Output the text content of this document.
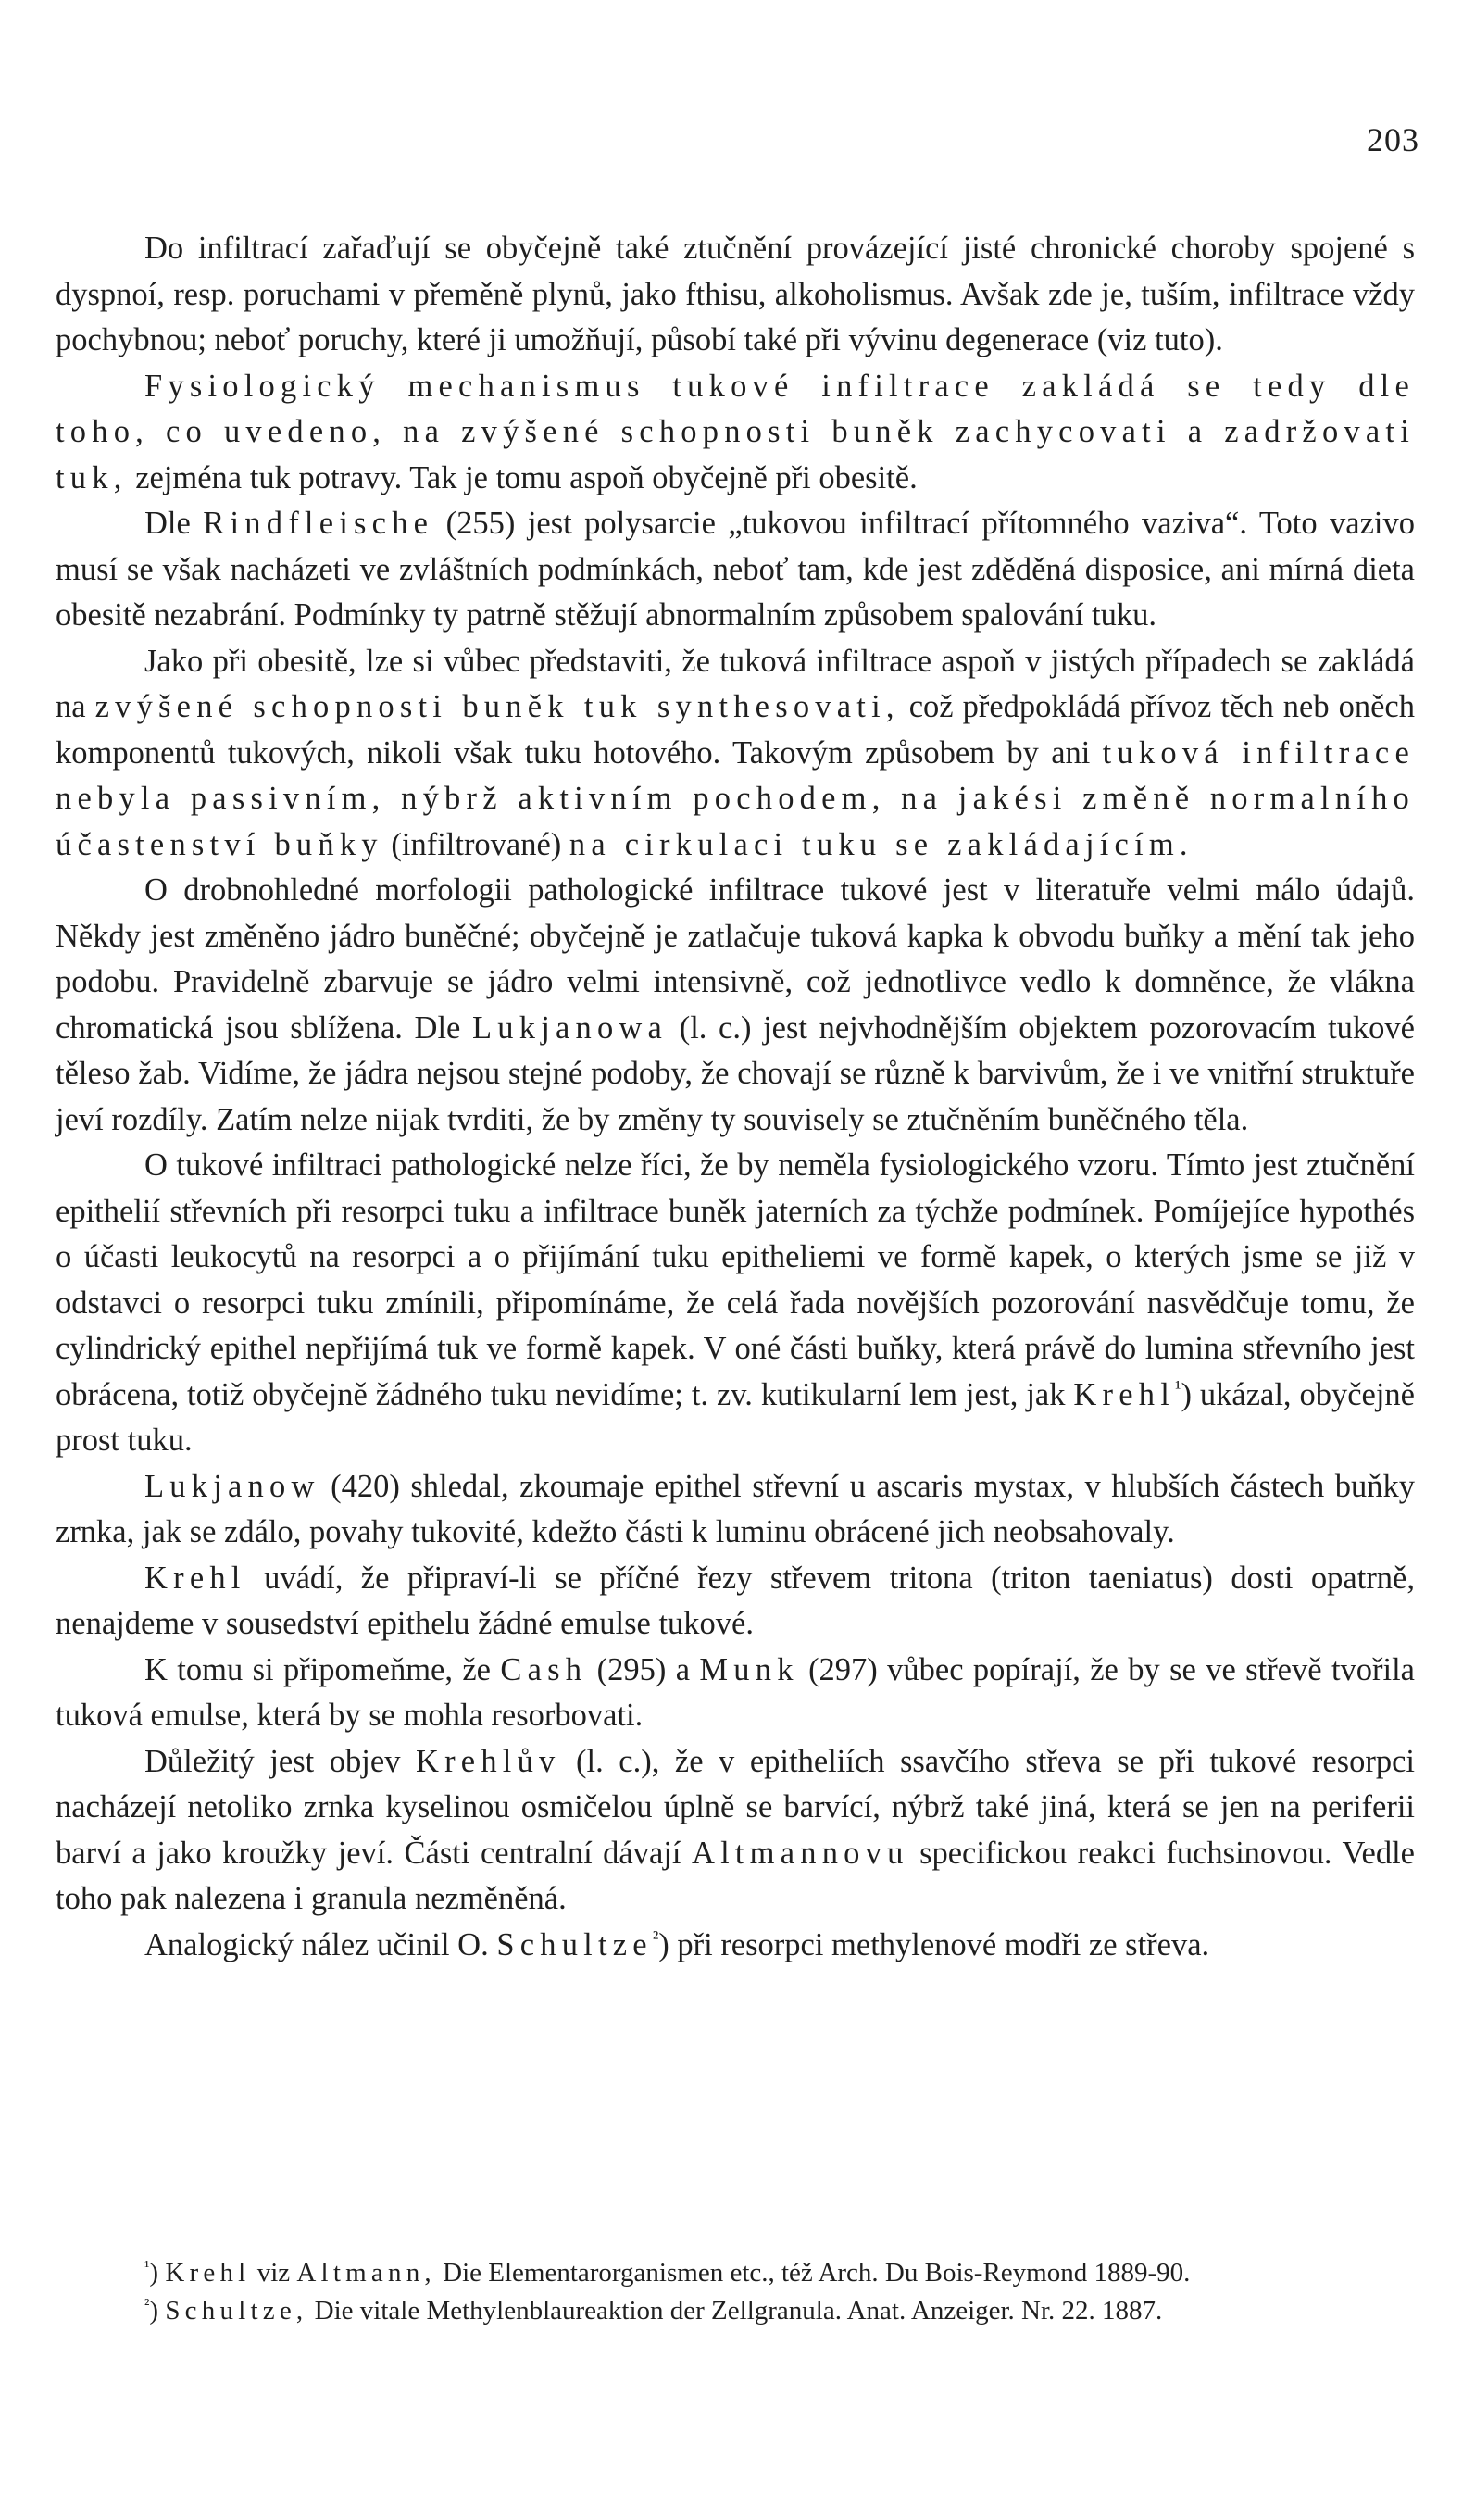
203

Do infiltrací zařaďují se obyčejně také ztučnění provázející jisté chronické choroby spojené s dyspnoí, resp. poruchami v přeměně plynů, jako fthisu, alkoholismus. Avšak zde je, tuším, infiltrace vždy pochybnou; neboť poruchy, které ji umožňují, působí také při vývinu degenerace (viz tuto).

Fysiologický mechanismus tukové infiltrace zakládá se tedy dle toho, co uvedeno, na zvýšené schopnosti buněk zachycovati a zadržovati tuk, zejména tuk potravy. Tak je tomu aspoň obyčejně při obesitě.

Dle Rindfleische (255) jest polysarcie „tukovou infiltrací přítomného vaziva“. Toto vazivo musí se však nacházeti ve zvláštních podmínkách, neboť tam, kde jest zděděná disposice, ani mírná dieta obesitě nezabrání. Podmínky ty patrně stěžují abnormalním způsobem spalování tuku.

Jako při obesitě, lze si vůbec představiti, že tuková infiltrace aspoň v jistých případech se zakládá na zvýšené schopnosti buněk tuk synthesovati, což předpokládá přívoz těch neb oněch komponentů tukových, nikoli však tuku hotového. Takovým způsobem by ani tuková infiltrace nebyla passivním, nýbrž aktivním pochodem, na jakési změně normalního účastenství buňky (infiltrované) na cirkulaci tuku se zakládajícím.

O drobnohledné morfologii pathologické infiltrace tukové jest v literatuře velmi málo údajů. Někdy jest změněno jádro buněčné; obyčejně je zatlačuje tuková kapka k obvodu buňky a mění tak jeho podobu. Pravidelně zbarvuje se jádro velmi intensivně, což jednotlivce vedlo k domněnce, že vlákna chromatická jsou sblížena. Dle Lukjanowa (l. c.) jest nejvhodnějším objektem pozorovacím tukové těleso žab. Vidíme, že jádra nejsou stejné podoby, že chovají se různě k barvivům, že i ve vnitřní struktuře jeví rozdíly. Zatím nelze nijak tvrditi, že by změny ty souvisely se ztučněním buněčného těla.

O tukové infiltraci pathologické nelze říci, že by neměla fysiologického vzoru. Tímto jest ztučnění epithelií střevních při resorpci tuku a infiltrace buněk jaterních za týchže podmínek. Pomíjejíce hypothés o účasti leukocytů na resorpci a o přijímání tuku epitheliemi ve formě kapek, o kterých jsme se již v odstavci o resorpci tuku zmínili, připomínáme, že celá řada novějších pozorování nasvědčuje tomu, že cylindrický epithel nepřijímá tuk ve formě kapek. V oné části buňky, která právě do lumina střevního jest obrácena, totiž obyčejně žádného tuku nevidíme; t. zv. kutikularní lem jest, jak Krehl$^{^1}$) ukázal, obyčejně prost tuku.

Lukjanow (420) shledal, zkoumaje epithel střevní u ascaris mystax, v hlubších částech buňky zrnka, jak se zdálo, povahy tukovité, kdežto části k luminu obrácené jich neobsahovaly.

Krehl uvádí, že připraví-li se příčné řezy střevem tritona (triton taeniatus) dosti opatrně, nenajdeme v sousedství epithelu žádné emulse tukové.

K tomu si připomeňme, že Cash (295) a Munk (297) vůbec popírají, že by se ve střevě tvořila tuková emulse, která by se mohla resorbovati.

Důležitý jest objev Krehlův (l. c.), že v epitheliích ssavčího střeva se při tukové resorpci nacházejí netoliko zrnka kyselinou osmičelou úplně se barvící, nýbrž také jiná, která se jen na periferii barví a jako kroužky jeví. Části centralní dávají Altmannovu specifickou reakci fuchsinovou. Vedle toho pak nalezena i granula nezměněná.

Analogický nález učinil O. Schultze$^{^2}$) při resorpci methylenové modři ze střeva.

$^{^1}$) Krehl viz Altmann, Die Elementarorganismen etc., též Arch. Du Bois-Reymond 1889-90.

$^{^2}$) Schultze, Die vitale Methylenblaureaktion der Zellgranula. Anat. Anzeiger. Nr. 22. 1887.
